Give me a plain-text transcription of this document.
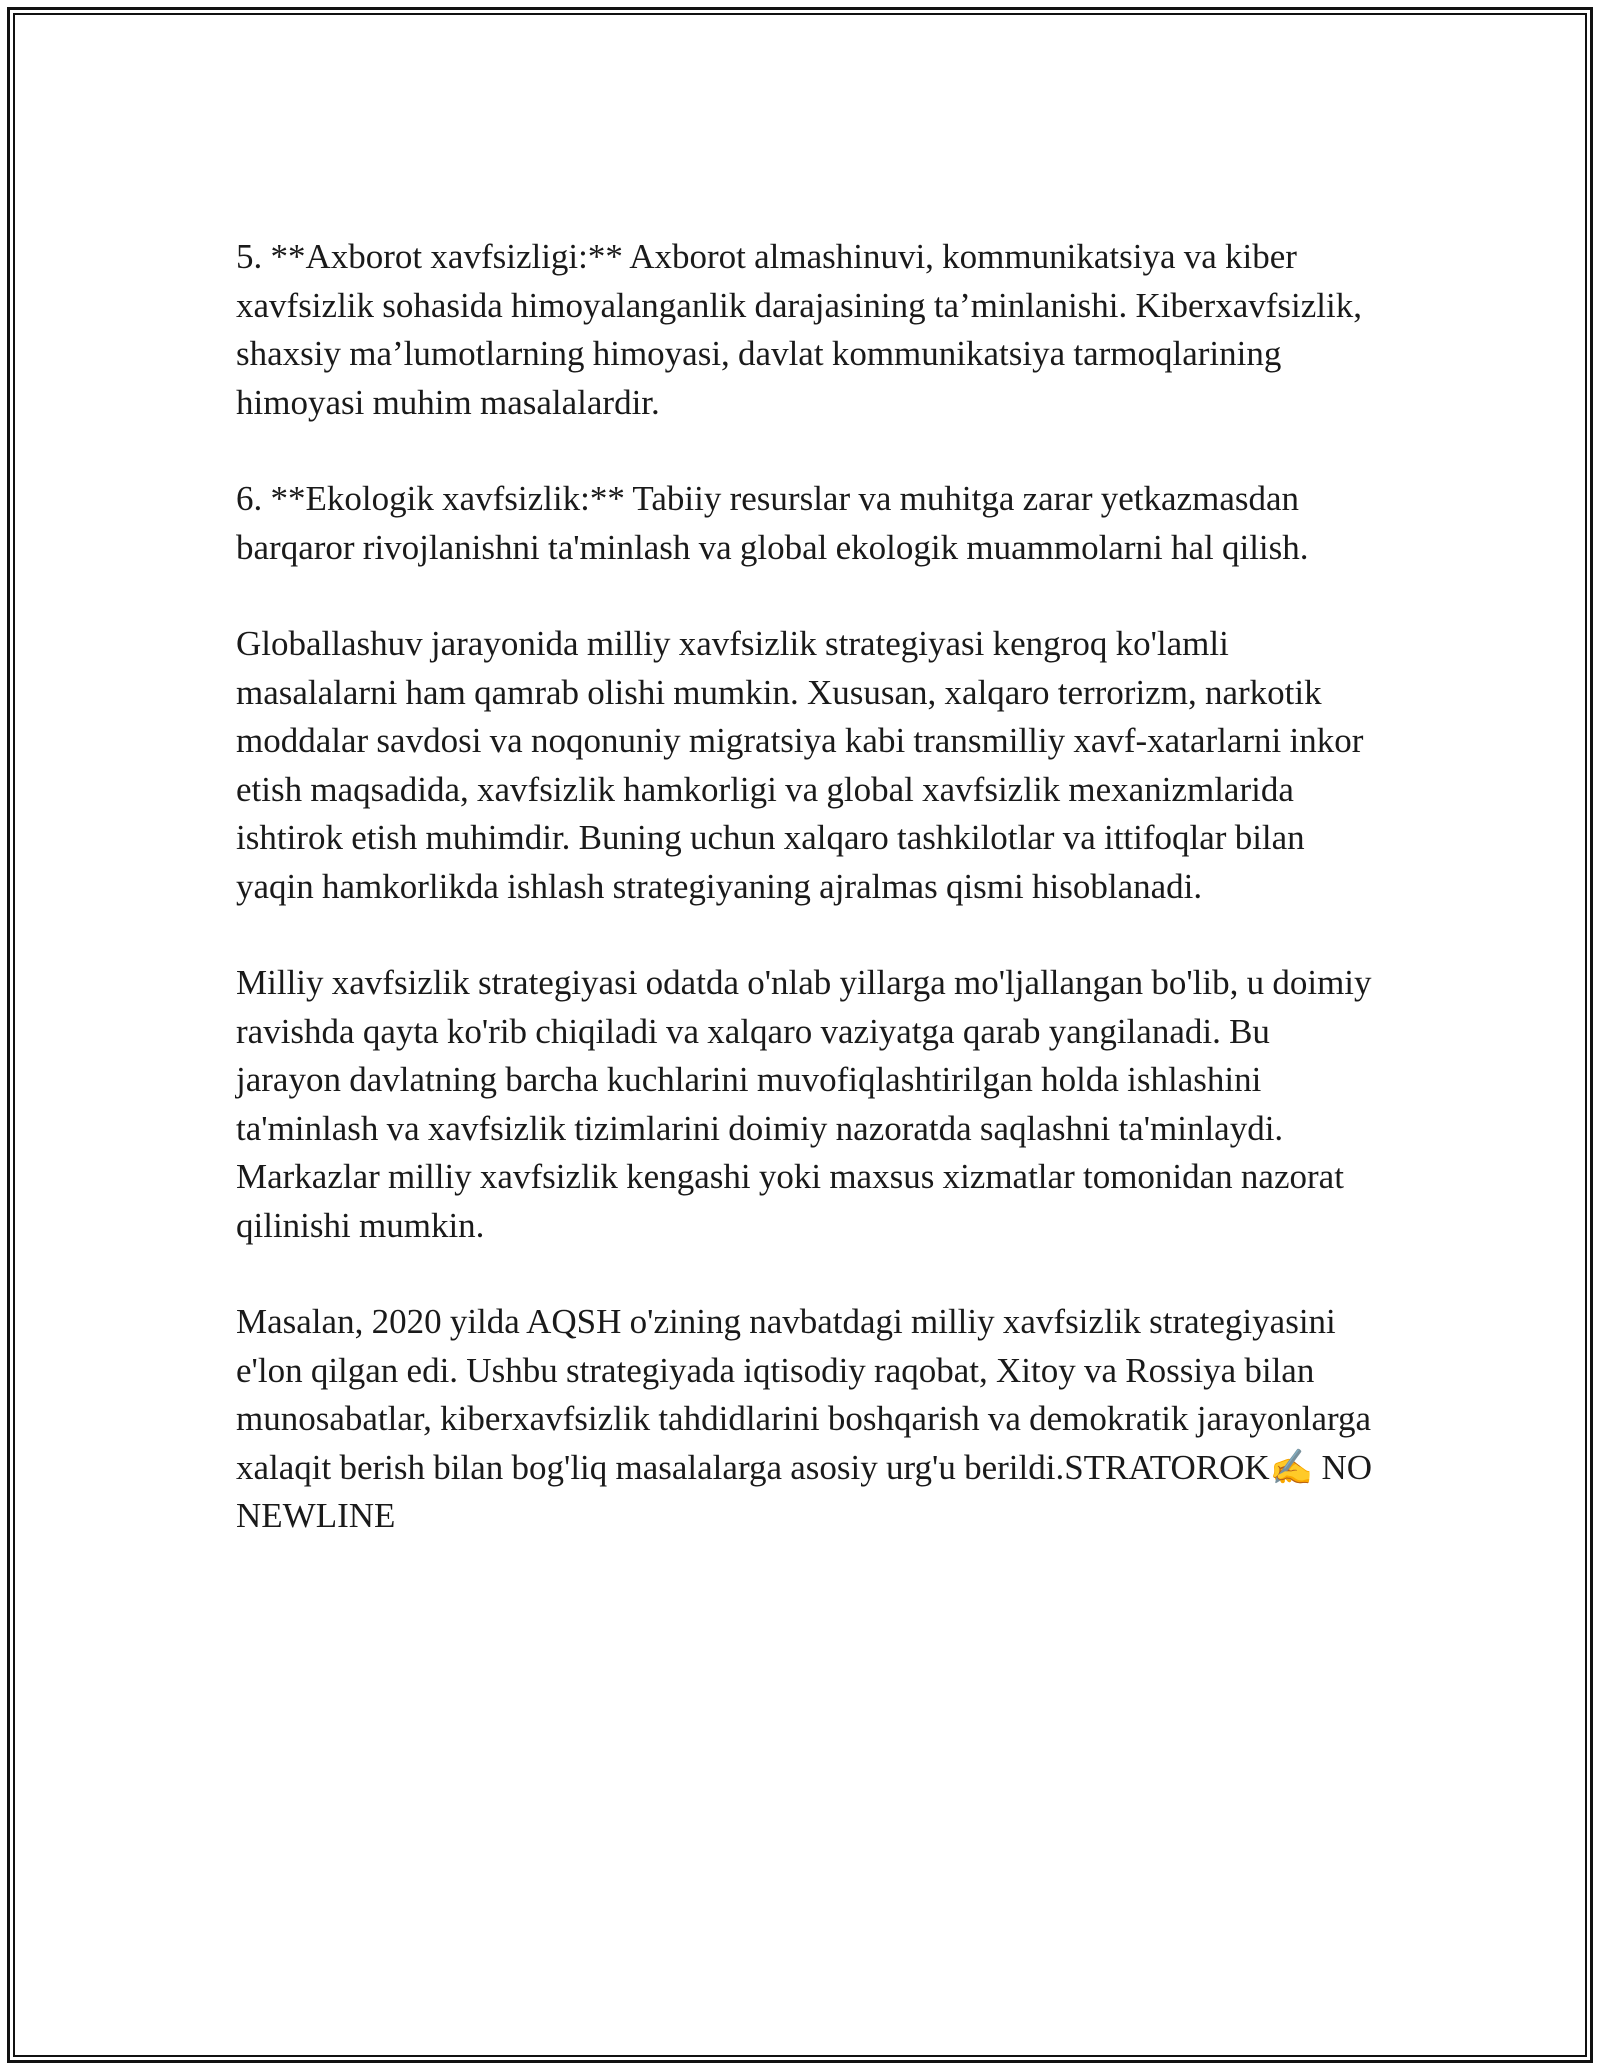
5. **Axborot xavfsizligi:** Axborot almashinuvi, kommunikatsiya va kiber xavfsizlik sohasida himoyalanganlik darajasining ta’minlanishi. Kiberxavfsizlik, shaxsiy ma’lumotlarning himoyasi, davlat kommunikatsiya tarmoqlarining himoyasi muhim masalalardir.

6. **Ekologik xavfsizlik:** Tabiiy resurslar va muhitga zarar yetkazmasdan barqaror rivojlanishni ta'minlash va global ekologik muammolarni hal qilish.

Globallashuv jarayonida milliy xavfsizlik strategiyasi kengroq ko'lamli masalalarni ham qamrab olishi mumkin. Xususan, xalqaro terrorizm, narkotik moddalar savdosi va noqonuniy migratsiya kabi transmilliy xavf-xatarlarni inkor etish maqsadida, xavfsizlik hamkorligi va global xavfsizlik mexanizmlarida ishtirok etish muhimdir. Buning uchun xalqaro tashkilotlar va ittifoqlar bilan yaqin hamkorlikda ishlash strategiyaning ajralmas qismi hisoblanadi.

Milliy xavfsizlik strategiyasi odatda o'nlab yillarga mo'ljallangan bo'lib, u doimiy ravishda qayta ko'rib chiqiladi va xalqaro vaziyatga qarab yangilanadi. Bu jarayon davlatning barcha kuchlarini muvofiqlashtirilgan holda ishlashini ta'minlash va xavfsizlik tizimlarini doimiy nazoratda saqlashni ta'minlaydi. Markazlar milliy xavfsizlik kengashi yoki maxsus xizmatlar tomonidan nazorat qilinishi mumkin.

Masalan, 2020 yilda AQSH o'zining navbatdagi milliy xavfsizlik strategiyasini e'lon qilgan edi. Ushbu strategiyada iqtisodiy raqobat, Xitoy va Rossiya bilan munosabatlar, kiberxavfsizlik tahdidlarini boshqarish va demokratik jarayonlarga xalaqit berish bilan bog'liq masalalarga asosiy urg'u berildi.STRATOROK✍ NO NEWLINE
